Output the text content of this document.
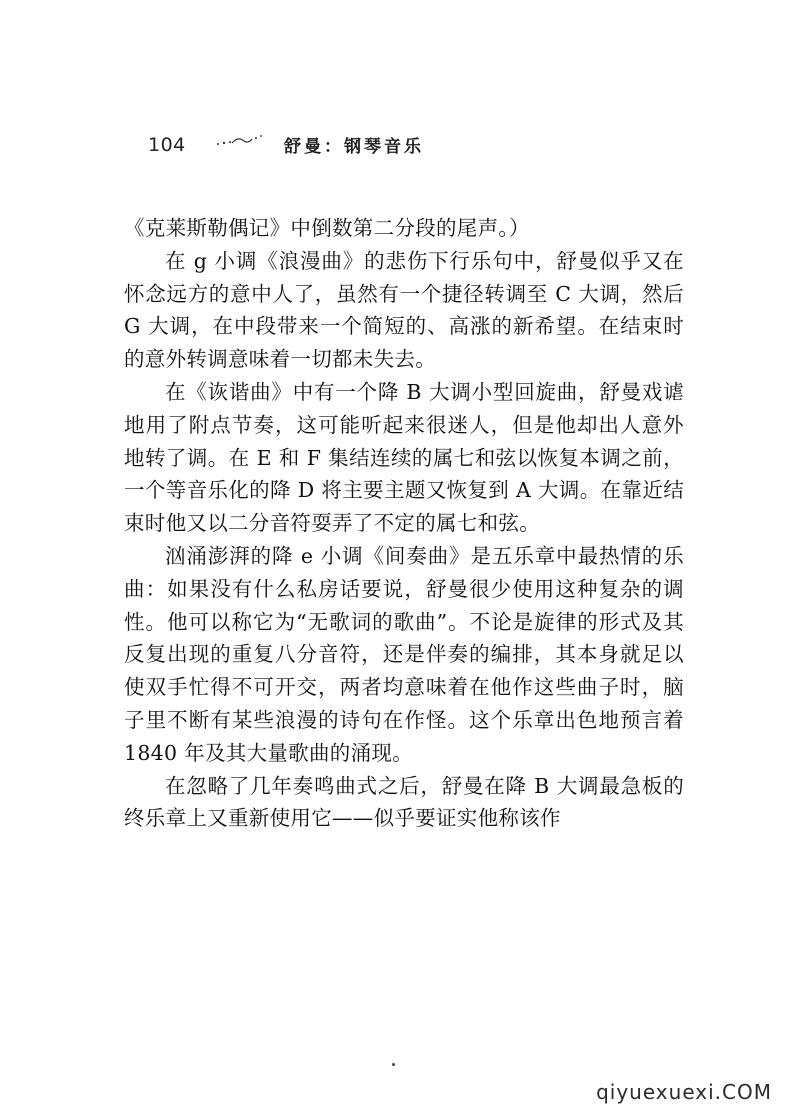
104	舒曼：钢琴音乐

《克莱斯勒偶记》中倒数第二分段的尾声。）

在 g 小调《浪漫曲》的悲伤下行乐句中，舒曼似乎又在怀念远方的意中人了，虽然有一个捷径转调至 C 大调，然后 G 大调，在中段带来一个简短的、高涨的新希望。在结束时的意外转调意味着一切都未失去。

在《诙谐曲》中有一个降 B 大调小型回旋曲，舒曼戏谑地用了附点节奏，这可能听起来很迷人，但是他却出人意外地转了调。在 E 和 F 集结连续的属七和弦以恢复本调之前，一个等音乐化的降 D 将主要主题又恢复到 A 大调。在靠近结束时他又以二分音符耍弄了不定的属七和弦。

汹涌澎湃的降 e 小调《间奏曲》是五乐章中最热情的乐曲：如果没有什么私房话要说，舒曼很少使用这种复杂的调性。他可以称它为“无歌词的歌曲”。不论是旋律的形式及其反复出现的重复八分音符，还是伴奏的编排，其本身就足以使双手忙得不可开交，两者均意味着在他作这些曲子时，脑子里不断有某些浪漫的诗句在作怪。这个乐章出色地预言着 1840 年及其大量歌曲的涌现。

在忽略了几年奏鸣曲式之后，舒曼在降 B 大调最急板的终乐章上又重新使用它——似乎要证实他称该作

qiyuexuexi.COM
